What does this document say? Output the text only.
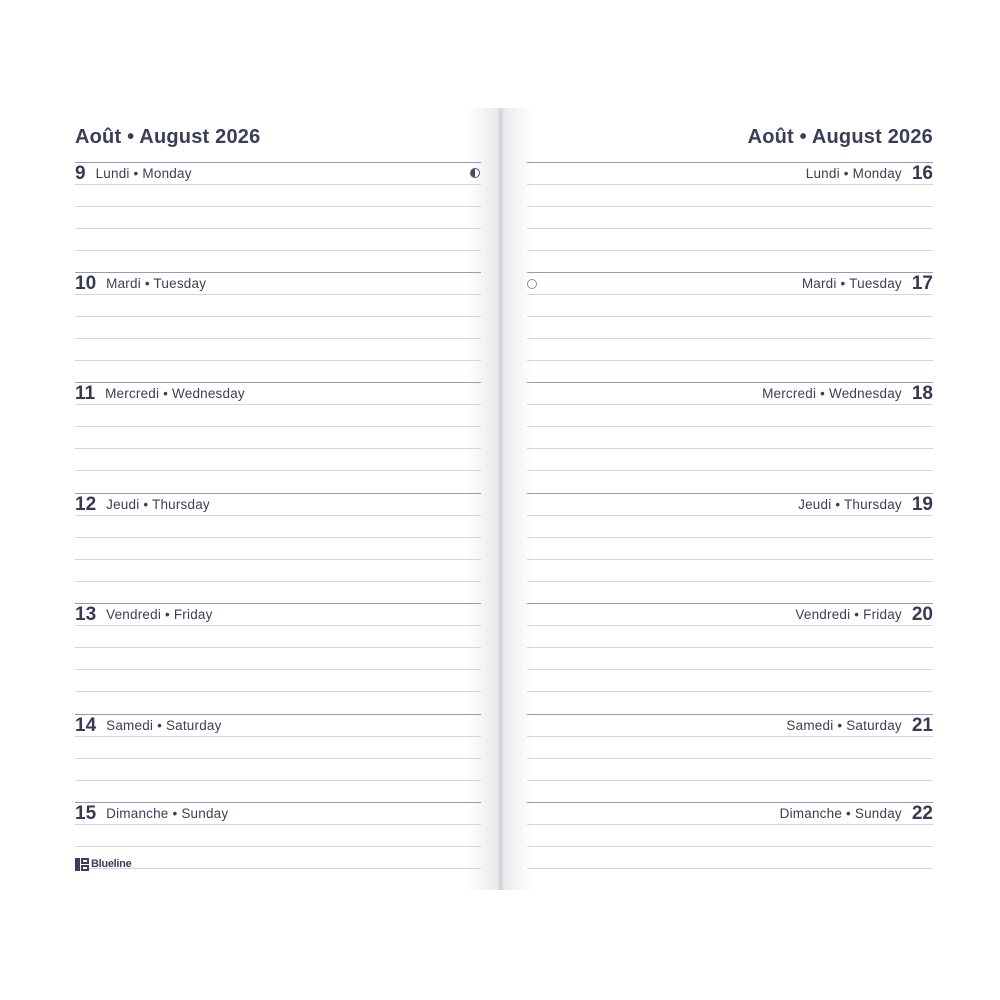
Août • August 2026
9 Lundi • Monday
10 Mardi • Tuesday
11 Mercredi • Wednesday
12 Jeudi • Thursday
13 Vendredi • Friday
14 Samedi • Saturday
15 Dimanche • Sunday
Août • August 2026
Lundi • Monday 16
Mardi • Tuesday 17
Mercredi • Wednesday 18
Jeudi • Thursday 19
Vendredi • Friday 20
Samedi • Saturday 21
Dimanche • Sunday 22
Blueline
